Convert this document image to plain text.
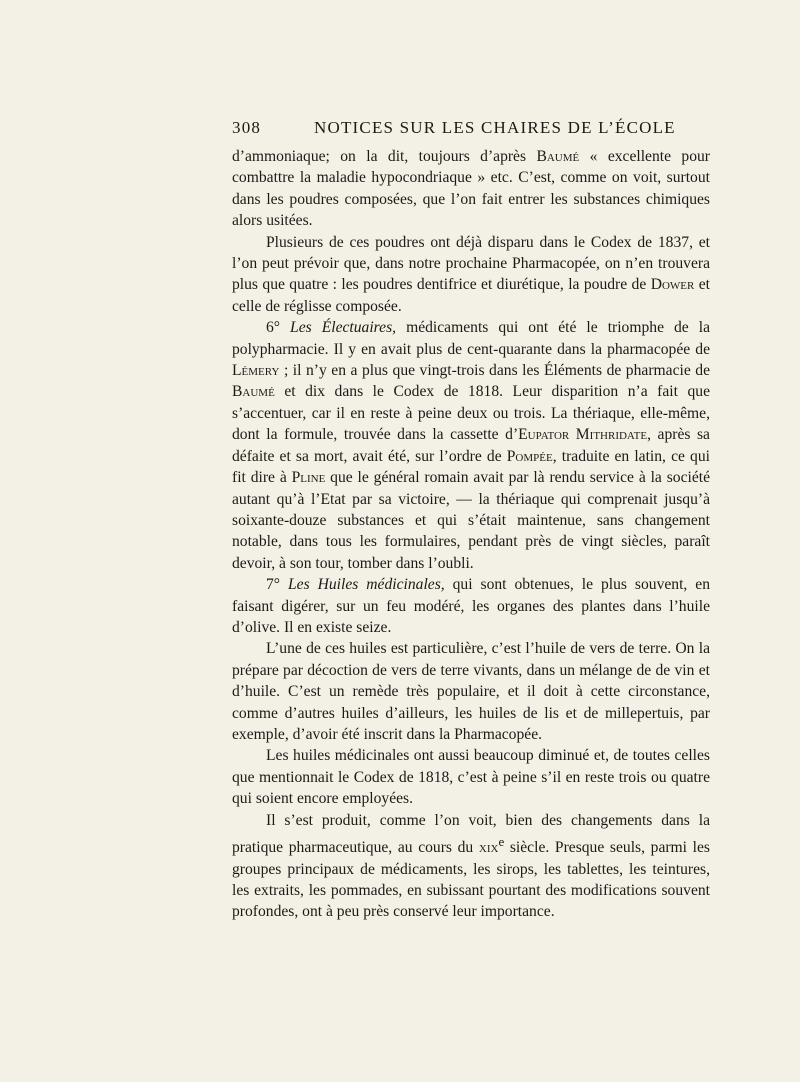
308	NOTICES SUR LES CHAIRES DE L’ÉCOLE

d’ammoniaque; on la dit, toujours d’après Baumé « excellente pour combattre la maladie hypocondriaque » etc. C’est, comme on voit, surtout dans les poudres composées, que l’on fait entrer les substances chimiques alors usitées.

Plusieurs de ces poudres ont déjà disparu dans le Codex de 1837, et l’on peut prévoir que, dans notre prochaine Pharmacopée, on n’en trouvera plus que quatre : les poudres dentifrice et diurétique, la poudre de Dower et celle de réglisse composée.

6° Les Électuaires, médicaments qui ont été le triomphe de la polypharmacie. Il y en avait plus de cent-quarante dans la pharmacopée de Lémery ; il n’y en a plus que vingt-trois dans les Éléments de pharmacie de Baumé et dix dans le Codex de 1818. Leur disparition n’a fait que s’accentuer, car il en reste à peine deux ou trois. La thériaque, elle-même, dont la formule, trouvée dans la cassette d’Eupator Mithridate, après sa défaite et sa mort, avait été, sur l’ordre de Pompée, traduite en latin, ce qui fit dire à Pline que le général romain avait par là rendu service à la société autant qu’à l’Etat par sa victoire, — la thériaque qui comprenait jusqu’à soixante-douze substances et qui s’était maintenue, sans changement notable, dans tous les formulaires, pendant près de vingt siècles, paraît devoir, à son tour, tomber dans l’oubli.

7° Les Huiles médicinales, qui sont obtenues, le plus souvent, en faisant digérer, sur un feu modéré, les organes des plantes dans l’huile d’olive. Il en existe seize.

L’une de ces huiles est particulière, c’est l’huile de vers de terre. On la prépare par décoction de vers de terre vivants, dans un mélange de de vin et d’huile. C’est un remède très populaire, et il doit à cette circonstance, comme d’autres huiles d’ailleurs, les huiles de lis et de millepertuis, par exemple, d’avoir été inscrit dans la Pharmacopée.

Les huiles médicinales ont aussi beaucoup diminué et, de toutes celles que mentionnait le Codex de 1818, c’est à peine s’il en reste trois ou quatre qui soient encore employées.

Il s’est produit, comme l’on voit, bien des changements dans la pratique pharmaceutique, au cours du xix$^e$ siècle. Presque seuls, parmi les groupes principaux de médicaments, les sirops, les tablettes, les teintures, les extraits, les pommades, en subissant pourtant des modifications souvent profondes, ont à peu près conservé leur importance.
